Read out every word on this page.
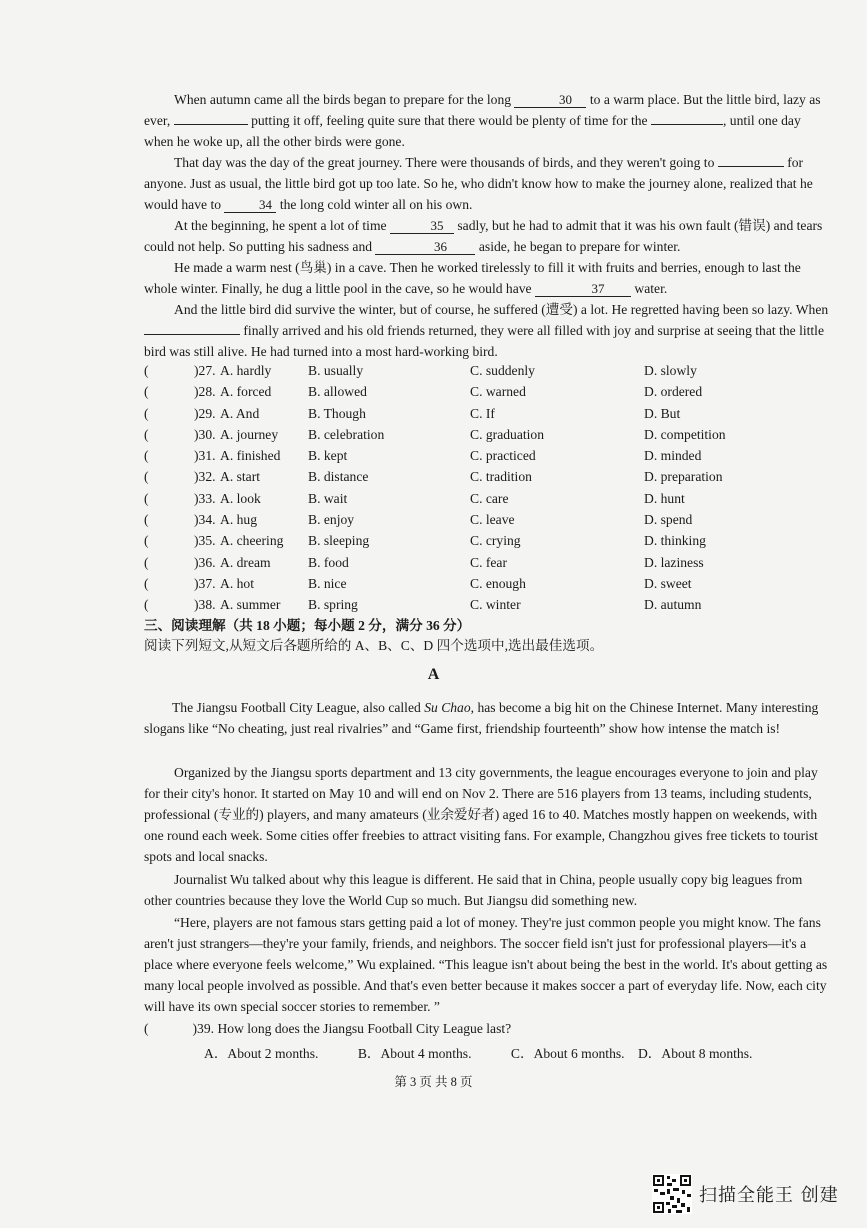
When autumn came all the birds began to prepare for the long	30 to a warm place. But the little bird, lazy as ever,	putting it off, feeling quite sure that there would be plenty of time for the	, until one day when he woke up, all the other birds were gone.

That day was the day of the great journey. There were thousands of birds, and they weren't going to	for anyone. Just as usual, the little bird got up too late. So he, who didn't know how to make the journey alone, realized that he would have to	34 the long cold winter all on his own.

At the beginning, he spent a lot of time	35 sadly, but he had to admit that it was his own fault (错误) and tears could not help. So putting his sadness and	36 aside, he began to prepare for winter.

He made a warm nest (鸟巢) in a cave. Then he worked tirelessly to fill it with fruits and berries, enough to last the whole winter. Finally, he dug a little pool in the cave, so he would have	37 water.

And the little bird did survive the winter, but of course, he suffered (遭受) a lot. He regretted having been so lazy. When  finally arrived and his old friends returned, they were all filled with joy and surprise at seeing that the little bird was still alive. He had turned into a most hard-working bird.

(	)27. A. hardly	B. usually	C. suddenly	D. slowly
(	)28. A. forced	B. allowed	C. warned	D. ordered
(	)29. A. And	B. Though	C. If	D. But
(	)30. A. journey B. celebration	C. graduation	D. competition
(	)31. A. finished B. kept	C. practiced	D. minded
(	)32. A. start	B. distance	C. tradition	D. preparation
(	)33. A. look	B. wait	C. care	D. hunt
(	)34. A. hug	B. enjoy	C. leave	D. spend
(	)35. A. cheering B. sleeping	C. crying	D. thinking
(	)36. A. dream	B. food	C. fear	D. laziness
(	)37. A. hot	B. nice	C. enough	D. sweet
(	)38. A. summer B. spring	C. winter	D. autumn

三、阅读理解（共 18 小题；每小题 2 分，满分 36 分）

阅读下列短文,从短文后各题所给的 A、B、C、D 四个选项中,选出最佳选项。

A

The Jiangsu Football City League, also called Su Chao, has become a big hit on the Chinese Internet. Many interesting slogans like “No cheating, just real rivalries” and “Game first, friendship fourteenth” show how intense the match is!

Organized by the Jiangsu sports department and 13 city governments, the league encourages everyone to join and play for their city's honor. It started on May 10 and will end on Nov 2. There are 516 players from 13 teams, including students, professional (专业的) players, and many amateurs (业余爱好者) aged 16 to 40. Matches mostly happen on weekends, with one round each week. Some cities offer freebies to attract visiting fans. For example, Changzhou gives free tickets to tourist spots and local snacks.

Journalist Wu talked about why this league is different. He said that in China, people usually copy big leagues from other countries because they love the World Cup so much. But Jiangsu did something new.

“Here, players are not famous stars getting paid a lot of money. They're just common people you might know. The fans aren't just strangers—they're your family, friends, and neighbors. The soccer field isn't just for professional players—it's a place where everyone feels welcome,” Wu explained. “This league isn't about being the best in the world. It's about getting as many local people involved as possible. And that's even better because it makes soccer a part of everyday life. Now, each city will have its own special soccer stories to remember. ”

(	)39. How long does the Jiangsu Football City League last?
A．About 2 months.	B．About 4 months.	C．About 6 months. D．About 8 months.
第 3 页 共 8 页
扫描全能王 创建
